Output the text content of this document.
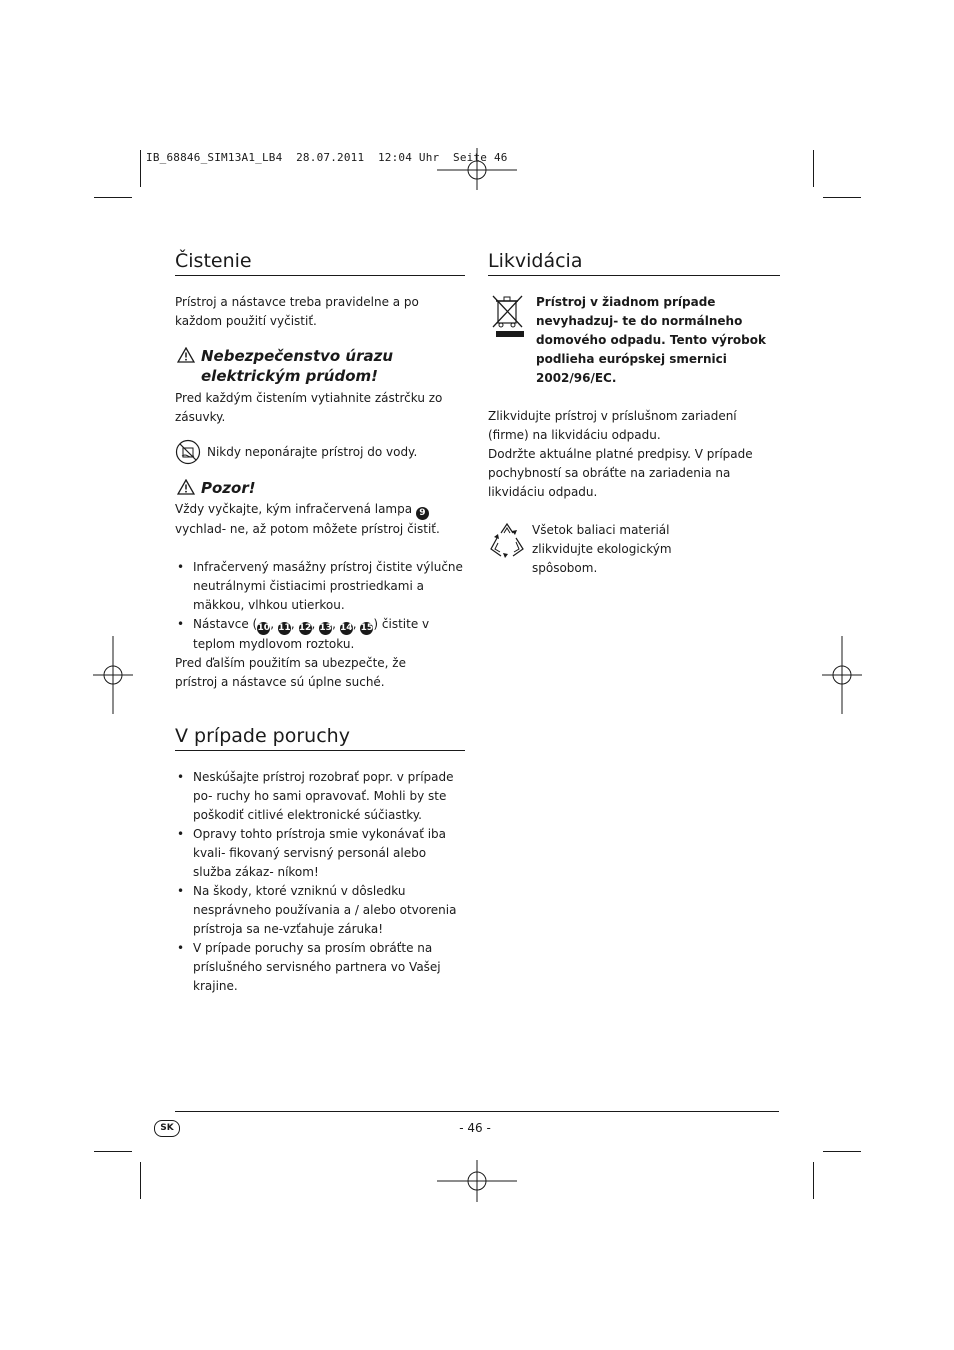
IB_68846_SIM13A1_LB4  28.07.2011  12:04 Uhr  Seite 46
Čistenie

Prístroj a nástavce treba pravidelne a po každom použití vyčistiť.

Nebezpečenstvo úrazu
elektrickým prúdom!

Pred každým čistením vytiahnite zástrčku zo zásuvky.

Nikdy neponárajte prístroj do vody.
Pozor!

Vždy vyčkajte, kým infračervená lampa 9 vychlad- ne, až potom môžete prístroj čistiť.

• Infračervený masážny prístroj čistite výlučne neutrálnymi čistiacimi prostriedkami a mäkkou, vlhkou utierkou.
• Nástavce (10, 11, 12, 13, 14, 15) čistite v teplom mydlovom roztoku.

Pred ďalším použitím sa ubezpečte, že prístroj a nástavce sú úplne suché.

V prípade poruchy
• Neskúšajte prístroj rozobrať popr. v prípade po- ruchy ho sami opravovať. Mohli by ste poškodiť citlivé elektronické súčiastky.
• Opravy tohto prístroja smie vykonávať iba kvali- fikovaný servisný personál alebo služba zákaz- níkom!
• Na škody, ktoré vzniknú v dôsledku nesprávneho používania a / alebo otvorenia prístroja sa ne-vzťahuje záruka!
• V prípade poruchy sa prosím obráťte na príslušného servisného partnera vo Vašej krajine.
Likvidácia

Prístroj v žiadnom prípade nevyhadzuj- te do normálneho domového odpadu. Tento výrobok podlieha európskej smernici 2002/96/EC.

Zlikvidujte prístroj v príslušnom zariadení (firme) na likvidáciu odpadu.

Dodržte aktuálne platné predpisy. V prípade pochybností sa obráťte na zariadenia na likvidáciu odpadu.

Všetok baliaci materiál zlikvidujte ekologickým spôsobom.

SK	- 46 -
